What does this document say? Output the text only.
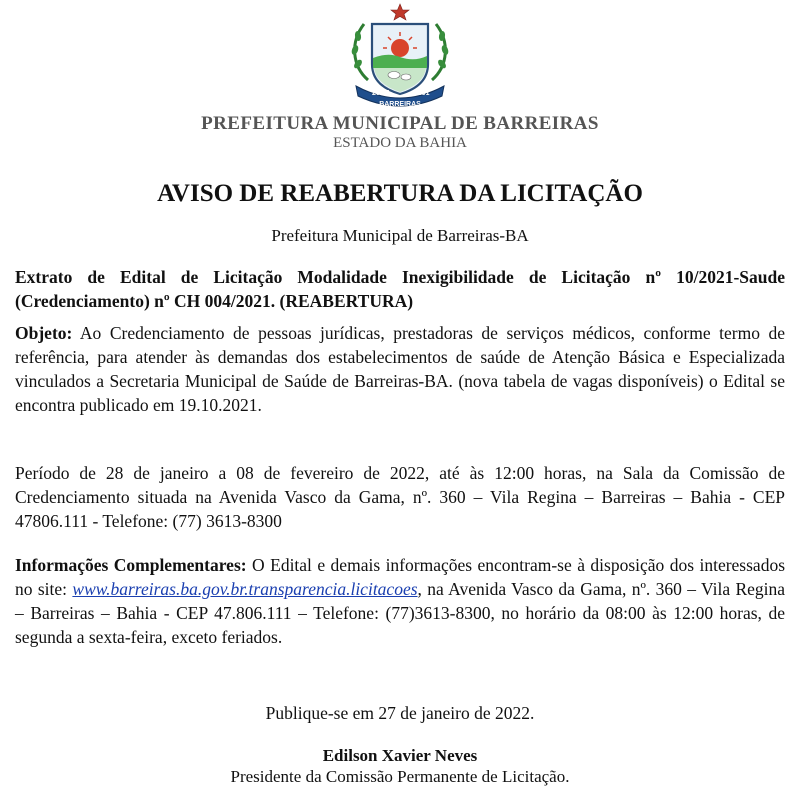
26/05	1891
BARREIRAS
PREFEITURA MUNICIPAL DE BARREIRAS
ESTADO DA BAHIA
AVISO DE REABERTURA DA LICITAÇÃO
Prefeitura Municipal de Barreiras-BA
Extrato de Edital de Licitação Modalidade Inexigibilidade de Licitação nº 10/2021-Saude (Credenciamento) nº CH 004/2021. (REABERTURA)
Objeto: Ao Credenciamento de pessoas jurídicas, prestadoras de serviços médicos, conforme termo de referência, para atender às demandas dos estabelecimentos de saúde de Atenção Básica e Especializada vinculados a Secretaria Municipal de Saúde de Barreiras-BA. (nova tabela de vagas disponíveis) o Edital se encontra publicado em 19.10.2021.
Período de 28 de janeiro a 08 de fevereiro de 2022, até às 12:00 horas, na Sala da Comissão de Credenciamento situada na Avenida Vasco da Gama, nº. 360 – Vila Regina – Barreiras – Bahia - CEP 47806.111 - Telefone: (77) 3613-8300
Informações Complementares: O Edital e demais informações encontram-se à disposição dos interessados no site: www.barreiras.ba.gov.br.transparencia.licitacoes, na Avenida Vasco da Gama, nº. 360 – Vila Regina – Barreiras – Bahia - CEP 47.806.111 – Telefone: (77)3613-8300, no horário da 08:00 às 12:00 horas, de segunda a sexta-feira, exceto feriados.
Publique-se em 27 de janeiro de 2022.
Edilson Xavier Neves
Presidente da Comissão Permanente de Licitação.
